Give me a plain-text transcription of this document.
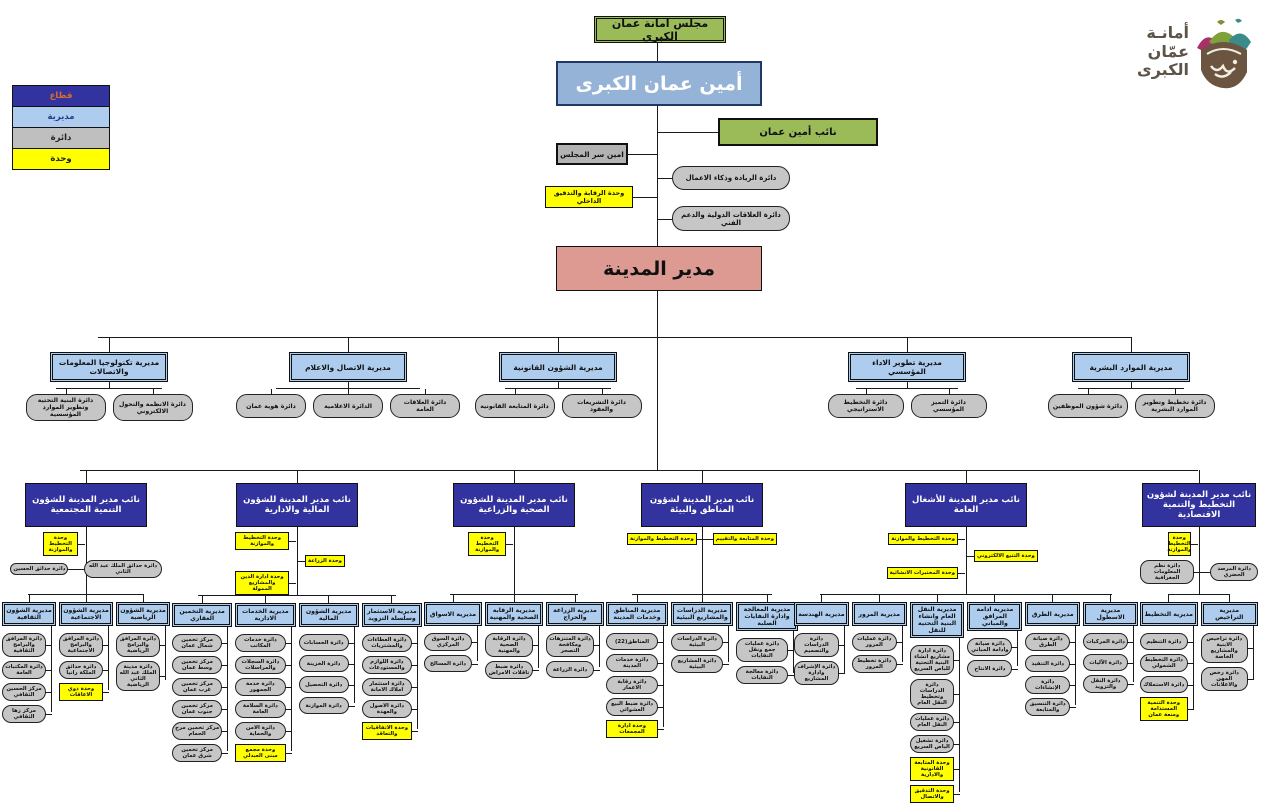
قطاع
مديرية
دائرة
وحدة
أمانـة
عمّان
الكبرى
مجلس امانة عمان الكبرى
أمين عمان الكبرى
نائب أمين عمان
امين سر المجلس
وحدة الرقابة والتدقيق الداخلي
دائرة الريادة وذكاء الاعمال
دائرة العلاقات الدولية والدعم الفني
مدير المدينة
مديرية تكنولوجيا المعلومات والاتصالات
دائرة البنية التحتية وتطوير الموارد المؤسسية
دائرة الانظمة والتحول الالكتروني
مديرية الاتصال والاعلام
دائرة هوية عمان	الدائرة الاعلامية	دائرة العلاقات العامة
مديرية الشؤون القانونية
دائرة المتابعة القانونية	دائرة التشريعات والعقود
مديرية تطوير الاداء المؤسسي
دائرة التخطيط الاستراتيجي
دائرة التميز المؤسسي
مديرية الموارد البشرية
دائرة شؤون الموظفين	دائرة تخطيط وتطوير الموارد البشرية
نائب مدير المدينة للشؤون التنمية المجتمعية
وحدة التخطيط والموازنة
دائرة حدائق الحسين	دائرة حدائق الملك عبد الله الثاني
مديرية الشؤون الثقافية
دائرة المرافق والبرامج الثقافية
دائرة المكتبات العامة
مركز الحسين الثقافي
مركز زها الثقافي
مديرية الشؤون الاجتماعية
دائرة المرافق والبرامج الاجتماعية
دائرة حدائق الملكة رانيا
وحدة ذوي الاعاقات
مديرية الشؤون الرياضية
دائرة المرافق والبرامج الرياضية
دائرة مدينة الملك عبد الله الثاني الرياضية
نائب مدير المدينة للشؤون المالية والادارية
وحدة التخطيط والموازنة
وحدة الزراعة
وحدة ادارة الدين والمشاريع الممولة
مديرية التخمين العقاري
مركز تخمين شمال عمان
مركز تخمين وسط عمان
مركز تخمين غرب عمان
مركز تخمين جنوب عمان
مركز تخمين مرج الحمام
مركز تخمين شرق عمان
مديرية الخدمات الادارية
دائرة خدمات المكاتب
دائرة السجلات والمراسلات
دائرة خدمة الجمهور
دائرة السلامة العامة
دائرة الامن والحماية
وحدة مجمع مبنى العبدلي
مديرية الشؤون المالية
دائرة الحسابات
دائرة الخزينة
دائرة التحصيل
دائرة الموازنة
مديرية الاستثمار وسلسلة التزويد
دائرة العطاءات والمشتريات
دائرة اللوازم والمستودعات
دائرة استثمار املاك الامانة
دائرة الاصول والعهدة
وحدة الاتفاقيات والتعاقد
نائب مدير المدينة للشؤون الصحية والزراعية
وحدة التخطيط والموازنة
مديرية الاسواق
دائرة السوق المركزي
دائرة المسالخ
مديرية الرقابة الصحية والمهنية
دائرة الرقابة الصحية والمهنية
دائرة ضبط ناقلات الامراض
مديرية الزراعة والحراج
دائرة المتنزهات ومكافحة التصحر
دائرة الزراعة
نائب مدير المدينة لشؤون المناطق والبيئة
وحدة التخطيط والموازنة	وحدة المتابعة والتقييم
مديرية المناطق وخدمات المدينة
المناطق(22)
دائرة خدمات المدينة
دائرة رقابة الاعمار
دائرة ضبط البيع العشوائي
وحدة ادارة المجمعات
مديرية الدراسات والمشاريع البيئية
دائرة الدراسات البيئية
دائرة المشاريع البيئية
مديرية المعالجة وادارة النفايات الصلبة
دائرة عمليات جمع ونقل النفايات
دائرة معالجة النفايات
نائب مدير المدينة للأشغال العامة
وحدة التخطيط والموازنة
وحدة التتبع الالكتروني
وحدة المختبرات الانشائية
مديرية الهندسة
دائرة الدراسات والتصميم
دائرة الإشراف وادارة المشاريع
مديرية المرور
دائرة عمليات المرور
دائرة تخطيط المرور
مديرية النقل العام وانشاء البنية التحتية للنقل
دائرة ادارة مشاريع انشاء البنية التحتية للباص السريع
دائرة الدراسات وتخطيط النقل العام
دائرة عمليات النقل العام
دائرة تشغيل الباص السريع
وحدة المتابعة القانونية والادارية
وحدة التدقيق والاتصال
مديرية ادامة المرافق والمباني
دائرة صيانة وادامة المباني
دائرة الانتاج
مديرية الطرق
دائرة صيانة الطرق
دائرة التنفيذ
دائرة الإنشاءات
دائرة التنسيق والمتابعة
مديرية الاسطول
دائرة المركبات
دائرة الآليات
دائرة النقل والتزويد
نائب مدير المدينة لشؤون التخطيط والتنمية الاقتصادية
وحدة التخطيط والموازنة
دائرة نظم المعلومات الجغرافية
دائرة المرصد الحضري
مديرية التخطيط
دائرة التنظيم
دائرة التخطيط الشمولي
دائرة الاستملاك
وحدة التنمية المستدامة ومنعة عمان
مديرية التراخيص
دائرة تراخيص الابنية والمشاريع الخاصة
دائرة رخص المهن والاعلانات
